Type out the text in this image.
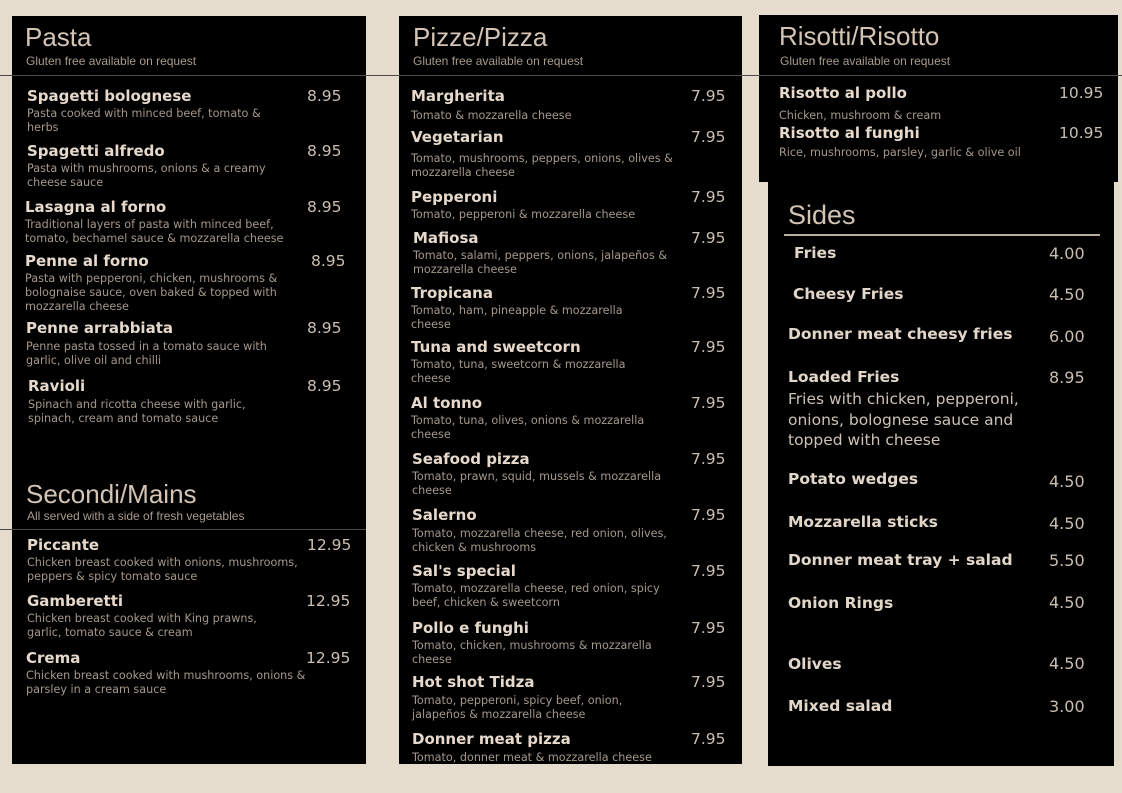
Pasta
Gluten free available on request
Spagetti bolognese	8.95
Pasta cooked with minced beef, tomato & herbs
Spagetti alfredo	8.95
Pasta with mushrooms, onions & a creamy cheese sauce
Lasagna al forno	8.95
Traditional layers of pasta with minced beef, tomato, bechamel sauce & mozzarella cheese
Penne al forno	8.95
Pasta with pepperoni, chicken, mushrooms & bolognaise sauce, oven baked & topped with mozzarella cheese
Penne arrabbiata	8.95
Penne pasta tossed in a tomato sauce with garlic, olive oil and chilli
Ravioli	8.95
Spinach and ricotta cheese with garlic, spinach, cream and tomato sauce
Secondi/Mains
All served with a side of fresh vegetables
Piccante	12.95
Chicken breast cooked with onions, mushrooms, peppers & spicy tomato sauce
Gamberetti	12.95
Chicken breast cooked with King prawns, garlic, tomato sauce & cream
Crema	12.95
Chicken breast cooked with mushrooms, onions & parsley in a cream sauce
Pizze/Pizza
Gluten free available on request
Margherita	7.95
Tomato & mozzarella cheese
Vegetarian	7.95
Tomato, mushrooms, peppers, onions, olives & mozzarella cheese
Pepperoni	7.95
Tomato, pepperoni & mozzarella cheese
Mafiosa	7.95
Tomato, salami, peppers, onions, jalapeños & mozzarella cheese
Tropicana	7.95
Tomato, ham, pineapple & mozzarella cheese
Tuna and sweetcorn	7.95
Tomato, tuna, sweetcorn & mozzarella cheese
Al tonno	7.95
Tomato, tuna, olives, onions & mozzarella cheese
Seafood pizza	7.95
Tomato, prawn, squid, mussels & mozzarella cheese
Salerno	7.95
Tomato, mozzarella cheese, red onion, olives, chicken & mushrooms
Sal's special	7.95
Tomato, mozzarella cheese, red onion, spicy beef, chicken & sweetcorn
Pollo e funghi	7.95
Tomato, chicken, mushrooms & mozzarella cheese
Hot shot Tidza	7.95
Tomato, pepperoni, spicy beef, onion, jalapeños & mozzarella cheese
Donner meat pizza	7.95
Tomato, donner meat & mozzarella cheese
Risotti/Risotto
Gluten free available on request
Risotto al pollo	10.95
Chicken, mushroom & cream
Risotto al funghi	10.95
Rice, mushrooms, parsley, garlic & olive oil
Sides
Fries	4.00
Cheesy Fries	4.50
Donner meat cheesy fries 6.00
Loaded Fries	8.95
Fries with chicken, pepperoni, onions, bolognese sauce and topped with cheese
Potato wedges	4.50
Mozzarella sticks	4.50
Donner meat tray + salad 5.50
Onion Rings	4.50
Olives	4.50
Mixed salad	3.00
